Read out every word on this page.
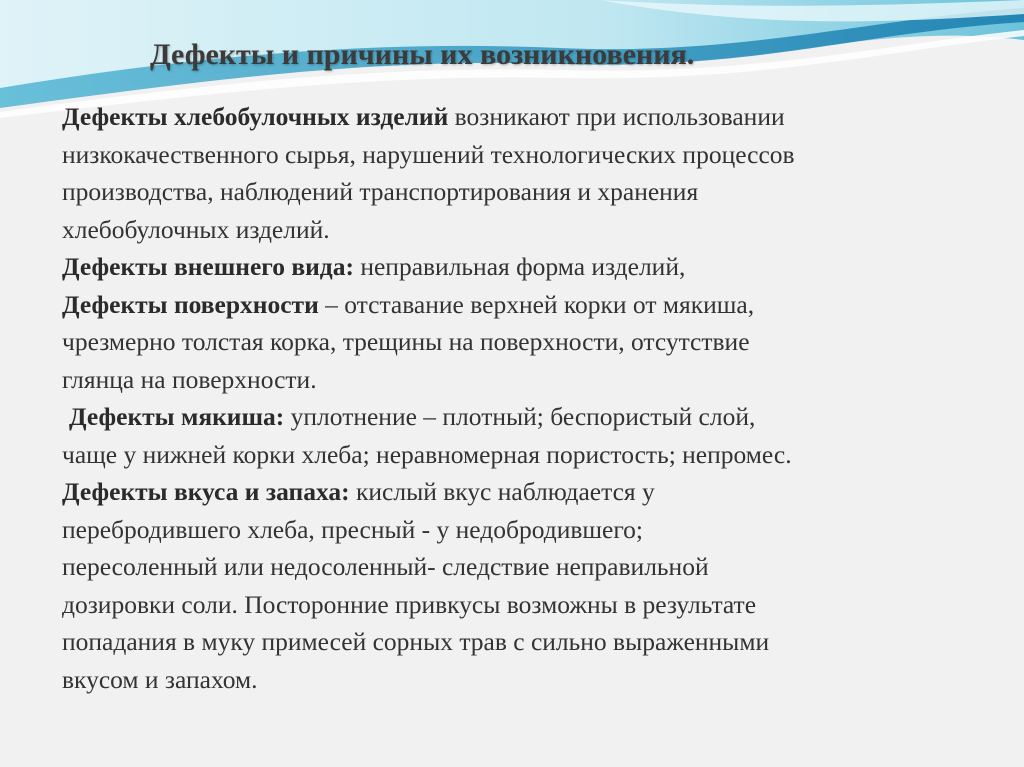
Дефекты и причины их возникновения.
Дефекты хлебобулочных изделий возникают при использовании
низкокачественного сырья, нарушений технологических процессов
производства, наблюдений транспортирования и хранения
хлебобулочных изделий.
Дефекты внешнего вида: неправильная форма изделий,
Дефекты поверхности – отставание верхней корки от мякиша,
чрезмерно толстая корка, трещины на поверхности, отсутствие
глянца на поверхности.
Дефекты мякиша: уплотнение – плотный; беспористый слой,
чаще у нижней корки хлеба; неравномерная пористость; непромес.
Дефекты вкуса и запаха: кислый вкус наблюдается у
перебродившего хлеба, пресный - у недобродившего;
пересоленный или недосоленный- следствие неправильной
дозировки соли. Посторонние привкусы возможны в результате
попадания в муку примесей сорных трав с сильно выраженными
вкусом и запахом.
